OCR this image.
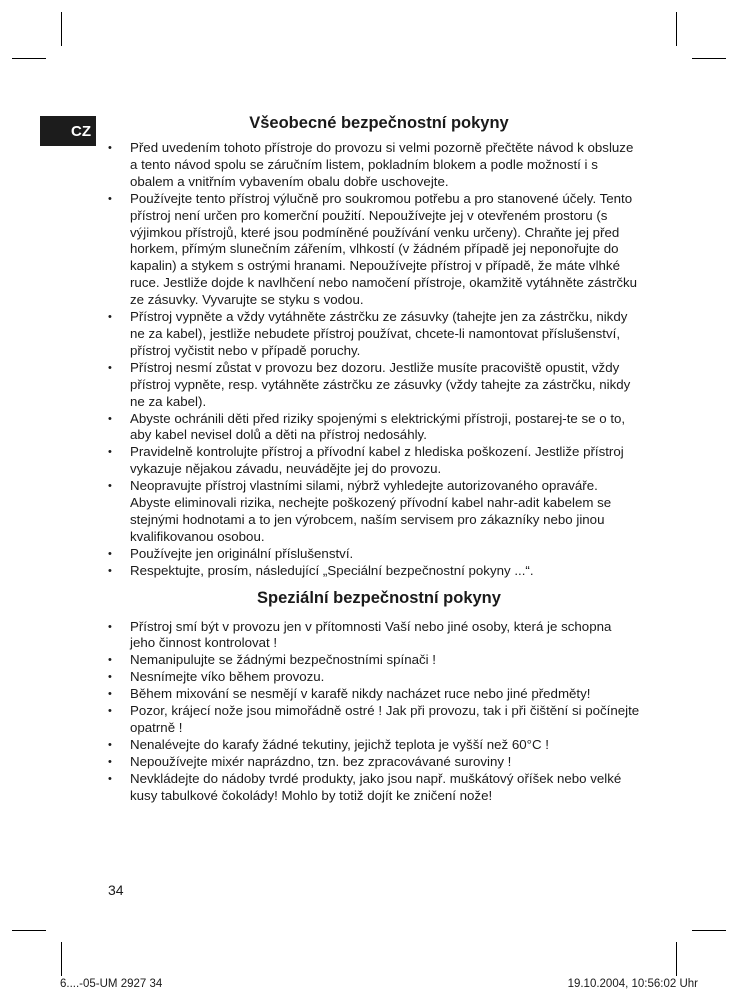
CZ	Všeobecné bezpečnostní pokyny
• Před uvedením tohoto přístroje do provozu si velmi pozorně přečtěte návod k obsluze a tento návod spolu se záručním listem, pokladním blokem a podle možností i s obalem a vnitřním vybavením obalu dobře uschovejte.
• Používejte tento přístroj výlučně pro soukromou potřebu a pro stanovené účely. Tento přístroj není určen pro komerční použití. Nepoužívejte jej v otevřeném prostoru (s výjimkou přístrojů, které jsou podmíněné používání venku určeny). Chraňte jej před horkem, přímým slunečním zářením, vlhkostí (v žádném případě jej neponořujte do kapalin) a stykem s ostrými hranami. Nepoužívejte přístroj v případě, že máte vlhké ruce. Jestliže dojde k navlhčení nebo namočení přístroje, okamžitě vytáhněte zástrčku ze zásuvky. Vyvarujte se styku s vodou.
• Přístroj vypněte a vždy vytáhněte zástrčku ze zásuvky (tahejte jen za zástrčku, nikdy ne za kabel), jestliže nebudete přístroj používat, chcete-li namontovat příslušenství, přístroj vyčistit nebo v případě poruchy.
• Přístroj nesmí zůstat v provozu bez dozoru. Jestliže musíte pracoviště opustit, vždy přístroj vypněte, resp. vytáhněte zástrčku ze zásuvky (vždy tahejte za zástrčku, nikdy ne za kabel).
• Abyste ochránili děti před riziky spojenými s elektrickými přístroji, postarej-te se o to, aby kabel nevisel dolů a děti na přístroj nedosáhly.
• Pravidelně kontrolujte přístroj a přívodní kabel z hlediska poškození. Jestliže přístroj vykazuje nějakou závadu, neuvádějte jej do provozu.
• Neopravujte přístroj vlastními silami, nýbrž vyhledejte autorizovaného opraváře. Abyste eliminovali rizika, nechejte poškozený přívodní kabel nahr-adit kabelem se stejnými hodnotami a to jen výrobcem, naším servisem pro zákazníky nebo jinou kvalifikovanou osobou.
• Používejte jen originální příslušenství.
• Respektujte, prosím, následující „Speciální bezpečnostní pokyny ...“.
Speziální bezpečnostní pokyny
• Přístroj smí být v provozu jen v přítomnosti Vaší nebo jiné osoby, která je schopna jeho činnost kontrolovat !
• Nemanipulujte se žádnými bezpečnostními spínači !
• Nesnímejte víko během provozu.
• Během mixování se nesmějí v karafě nikdy nacházet ruce nebo jiné předměty!
• Pozor, krájecí nože jsou mimořádně ostré ! Jak při provozu, tak i při čištění si počínejte opatrně !
• Nenalévejte do karafy žádné tekutiny, jejichž teplota je vyšší než 60°C !
• Nepoužívejte mixér naprázdno, tzn. bez zpracovávané suroviny !
• Nevkládejte do nádoby tvrdé produkty, jako jsou např. muškátový oříšek nebo velké kusy tabulkové čokolády! Mohlo by totiž dojít ke zničení nože!
34
6....-05-UM 2927 34	19.10.2004, 10:56:02 Uhr
